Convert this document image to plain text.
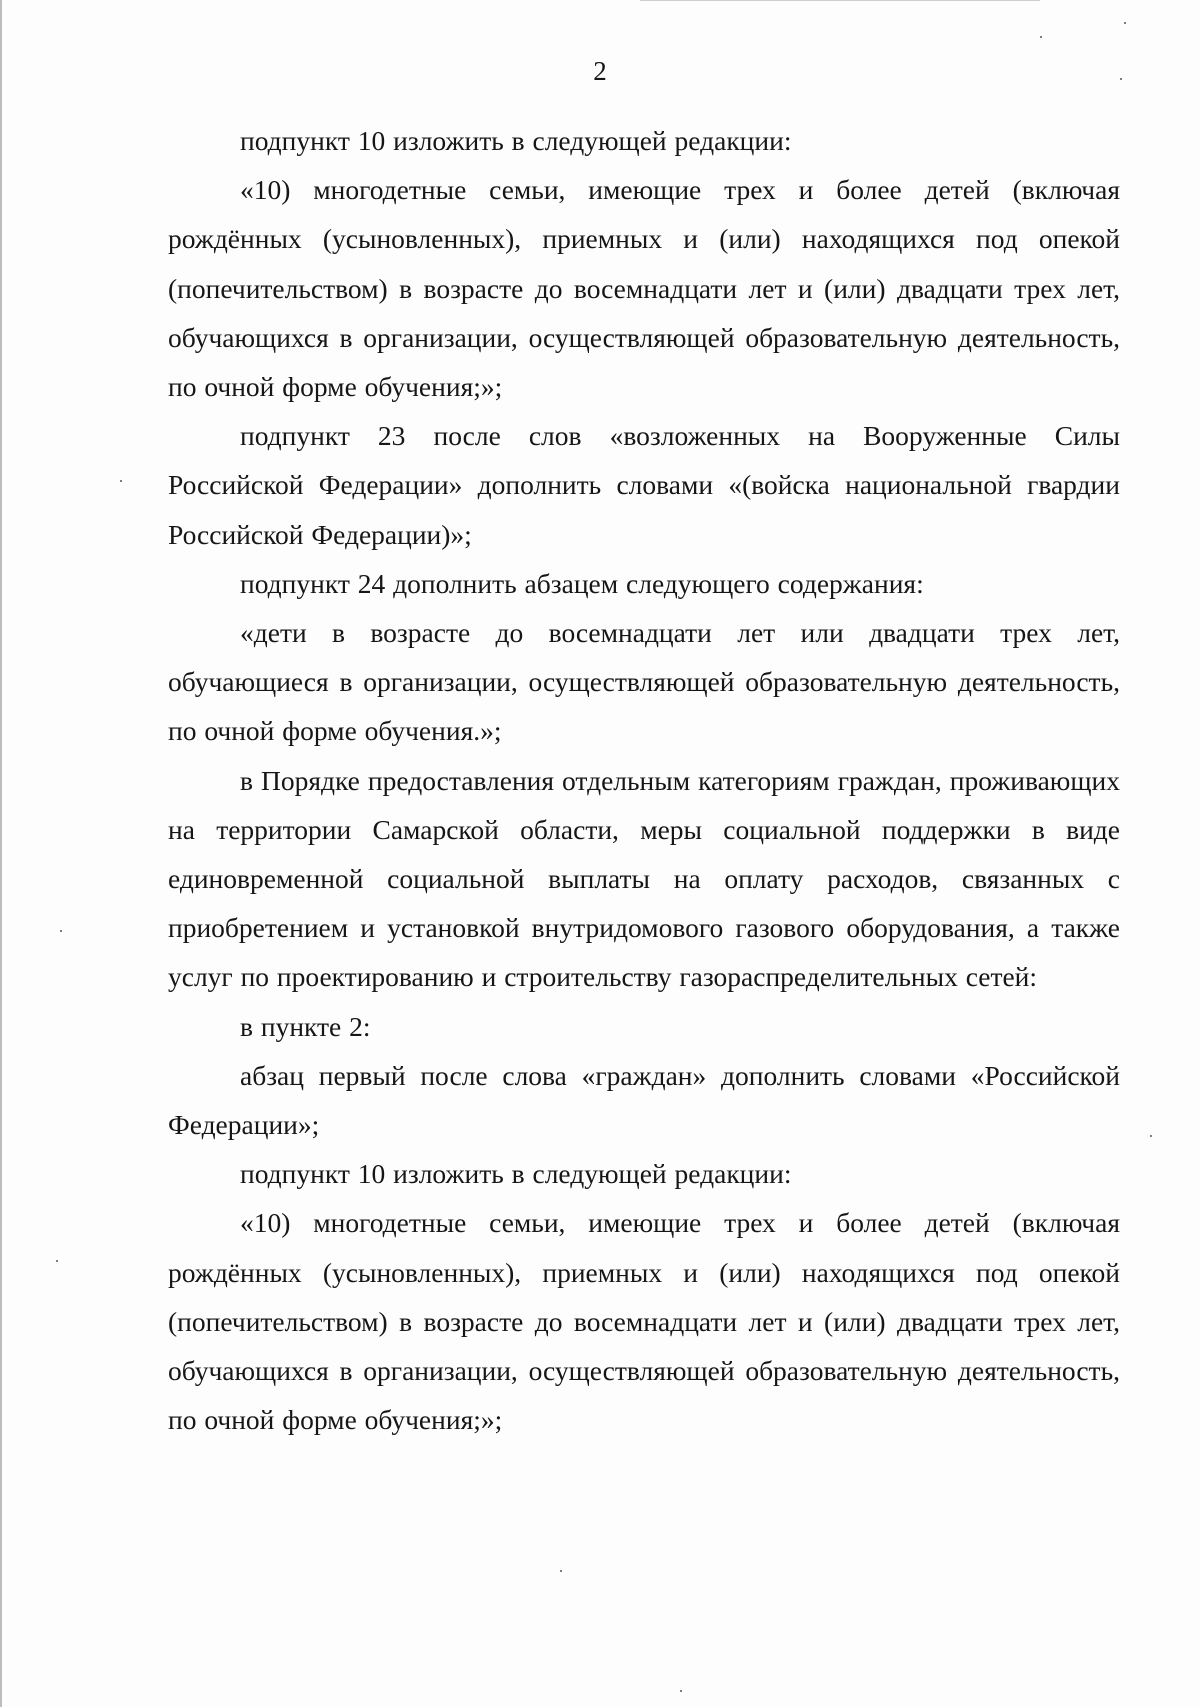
2

подпункт 10 изложить в следующей редакции:

«10) многодетные семьи, имеющие трех и более детей (включая рождённых (усыновленных), приемных и (или) находящихся под опекой (попечительством) в возрасте до восемнадцати лет и (или) двадцати трех лет, обучающихся в организации, осуществляющей образовательную деятельность, по очной форме обучения;»;

подпункт 23 после слов «возложенных на Вооруженные Силы Российской Федерации» дополнить словами «(войска национальной гвардии Российской Федерации)»;

подпункт 24 дополнить абзацем следующего содержания:

«дети в возрасте до восемнадцати лет или двадцати трех лет, обучающиеся в организации, осуществляющей образовательную деятельность, по очной форме обучения.»;

в Порядке предоставления отдельным категориям граждан, проживающих на территории Самарской области, меры социальной поддержки в виде единовременной социальной выплаты на оплату расходов, связанных с приобретением и установкой внутридомового газового оборудования, а также услуг по проектированию и строительству газораспределительных сетей:

в пункте 2:

абзац первый после слова «граждан» дополнить словами «Российской Федерации»;

подпункт 10 изложить в следующей редакции:

«10) многодетные семьи, имеющие трех и более детей (включая рождённых (усыновленных), приемных и (или) находящихся под опекой (попечительством) в возрасте до восемнадцати лет и (или) двадцати трех лет, обучающихся в организации, осуществляющей образовательную деятельность, по очной форме обучения;»;
